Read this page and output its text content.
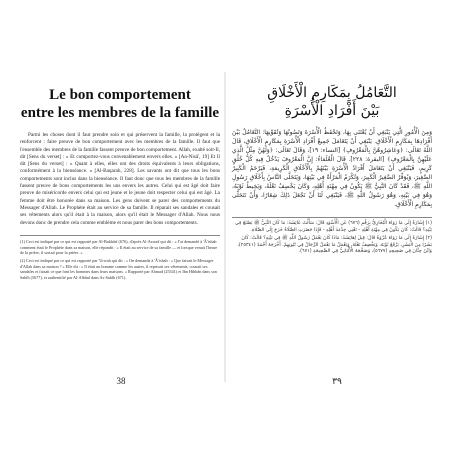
Le bon comportement
entre les membres de la famille

Parmi les choses dont il faut prendre soin et qui préservent la famille, la protègent et la renforcent : faire preuve de bon comportement avec les membres de la famille. Il faut que l'ensemble des membres de la famille fassent preuve de bon comportement. Allah, exalté soit-Il, dit [Sens du verset] : « Et comportez-vous convenablement envers elles. » [An-Nisâ', 19] Et Il dit [Sens du verset] : « Quant à elles, elles ont des droits équivalents à leurs obligations, conformément à la bienséance. » [Al-Baqarah, 228]. Les savants ont dit que tous les bons comportements sont inclus dans la bienséance. Il faut donc que tous les membres de la famille fassent preuve de bons comportements les uns envers les autres. Celui qui est âgé doit faire preuve de miséricorde envers celui qui est jeune et le jeune doit respecter celui qui est âgé. La femme doit être honorée dans sa maison. Les gens doivent se parer des comportements du Messager d'Allah. Le Prophète était au service de sa famille. Il réparait ses sandales et cousait ses vêtements alors qu'il était à la maison, alors qu'il était le Messager d'Allah. Nous nous devons donc de prendre cela comme emblème et nous parer des bons comportements.

(1) Ceci est indiqué par ce qui est rapporté par Al-Bukhârî (676), d'après Al-Aswad qui dit : « J'ai demandé à 'Â'ishah comment était le Prophète dans sa maison, elle répondit : « Il était au service de sa famille — et lorsque venait l'heure de la prière, il sortait pour la prière. »

(2) Ceci est indiqué par ce qui est rapporté par 'Urwah qui dit : « On demanda à 'Â'ishah : « Que faisait le Messager d'Allah dans sa maison ? » Elle dit : « Il était un homme comme les autres, il reprisait ses vêtements, cousait ses sandales et faisait ce que font les hommes dans leurs maisons. » Rapporté par Ahmad (25341) et Ibn Hibbân dans son Sahîh (5677), et authentifié par Al-Albânî dans As-Sahîh (671).

التَّعَامُلُ بِمَكَارِمِ الْأَخْلَاقِ
بَيْنَ أَفْرَادِ الْأُسْرَةِ

وَمِنَ الْأُمُورِ الَّتِي يَنْبَغِي أَنْ يُعْتَنَى بِهَا، وَتَحْفَظُ الْأُسْرَةَ وَتَصُونُهَا وَتُقَوِّيهَا: التَّعَامُلُ بَيْنَ أَفْرَادِهَا بِمَكَارِمِ الْأَخْلَاقِ. يَنْبَغِي أَنْ يَتَعَامَلَ جَمِيعُ أَفْرَادِ الْأُسْرَةِ بِمَكَارِمِ الْأَخْلَاقِ، قَالَ اللَّهُ تَعَالَى: ﴿وَعَاشِرُوهُنَّ بِالْمَعْرُوفِ﴾ [النساء: ١٩]، وَقَالَ تَعَالَى: ﴿وَلَهُنَّ مِثْلُ الَّذِي عَلَيْهِنَّ بِالْمَعْرُوفِ﴾ [البقرة: ٢٢٨]. قَالَ الْعُلَمَاءُ: إِنَّ الْمَعْرُوفَ يَدْخُلُ فِيهِ كُلُّ خُلُقٍ كَرِيمٍ، فَيَنْبَغِي أَنْ يَتَعَامَلَ أَفْرَادُ الْأُسْرَةِ بَيْنَهُمْ بِالْأَخْلَاقِ الْكَرِيمَةِ، فَيَرْحَمُ الْكَبِيرُ الصَّغِيرَ، وَيُوَقِّرُ الصَّغِيرُ الْكَبِيرَ، وَتُكْرَمُ الْمَرْأَةُ فِي بَيْتِهَا، وَيَتَحَلَّى النَّاسُ بِأَخْلَاقِ رَسُولِ اللَّهِ ﷺ، فَقَدْ كَانَ النَّبِيُّ ﷺ يَكُونُ فِي مِهْنَةِ أَهْلِهِ، وَكَانَ يَخْصِفُ نَعْلَهُ، وَيَخِيطُ ثَوْبَهُ، وَهُوَ فِي بَيْتِهِ، وَهُوَ رَسُولُ اللَّهِ ﷺ، فَيَنْبَغِي لَنَا أَنْ نَجْعَلَ ذَلِكَ شِعَارًا، وَأَنْ نَتَحَلَّى بِمَكَارِمِ الْأَخْلَاقِ.

(١) إِشَارَةٌ إِلَى مَا رَوَاهُ الْبُخَارِيُّ بِرَقْمِ (٦٧٦) عَنِ الْأَسْوَدِ قَالَ: سَأَلْتُ عَائِشَةَ: مَا كَانَ النَّبِيُّ ﷺ يَصْنَعُ فِي بَيْتِهِ؟ قَالَتْ: كَانَ يَكُونُ فِي مِهْنَةِ أَهْلِهِ - تَعْنِي خِدْمَةَ أَهْلِهِ - فَإِذَا حَضَرَتِ الصَّلَاةُ خَرَجَ إِلَى الصَّلَاةِ.

(٢) إِشَارَةٌ إِلَى مَا رَوَاهُ عُرْوَةُ قَالَ: قِيلَ لِعَائِشَةَ: مَاذَا كَانَ يَعْمَلُ رَسُولُ اللَّهِ ﷺ فِي بَيْتِهِ؟ قَالَتْ: كَانَ بَشَرًا مِنَ الْبَشَرِ، يَرْقَعُ ثَوْبَهُ، وَيَخْصِفُ نَعْلَهُ، وَيَعْمَلُ مَا يَعْمَلُ الرِّجَالُ فِي بُيُوتِهِمْ. أَخْرَجَهُ أَحْمَدُ (٢٥٣٤١)، وَابْنُ حِبَّانَ فِي صَحِيحِهِ (٥٦٧٧)، وَصَحَّحَهُ الْأَلْبَانِيُّ فِي الصَّحِيحَةِ (٦٧١).

38	٣٩
